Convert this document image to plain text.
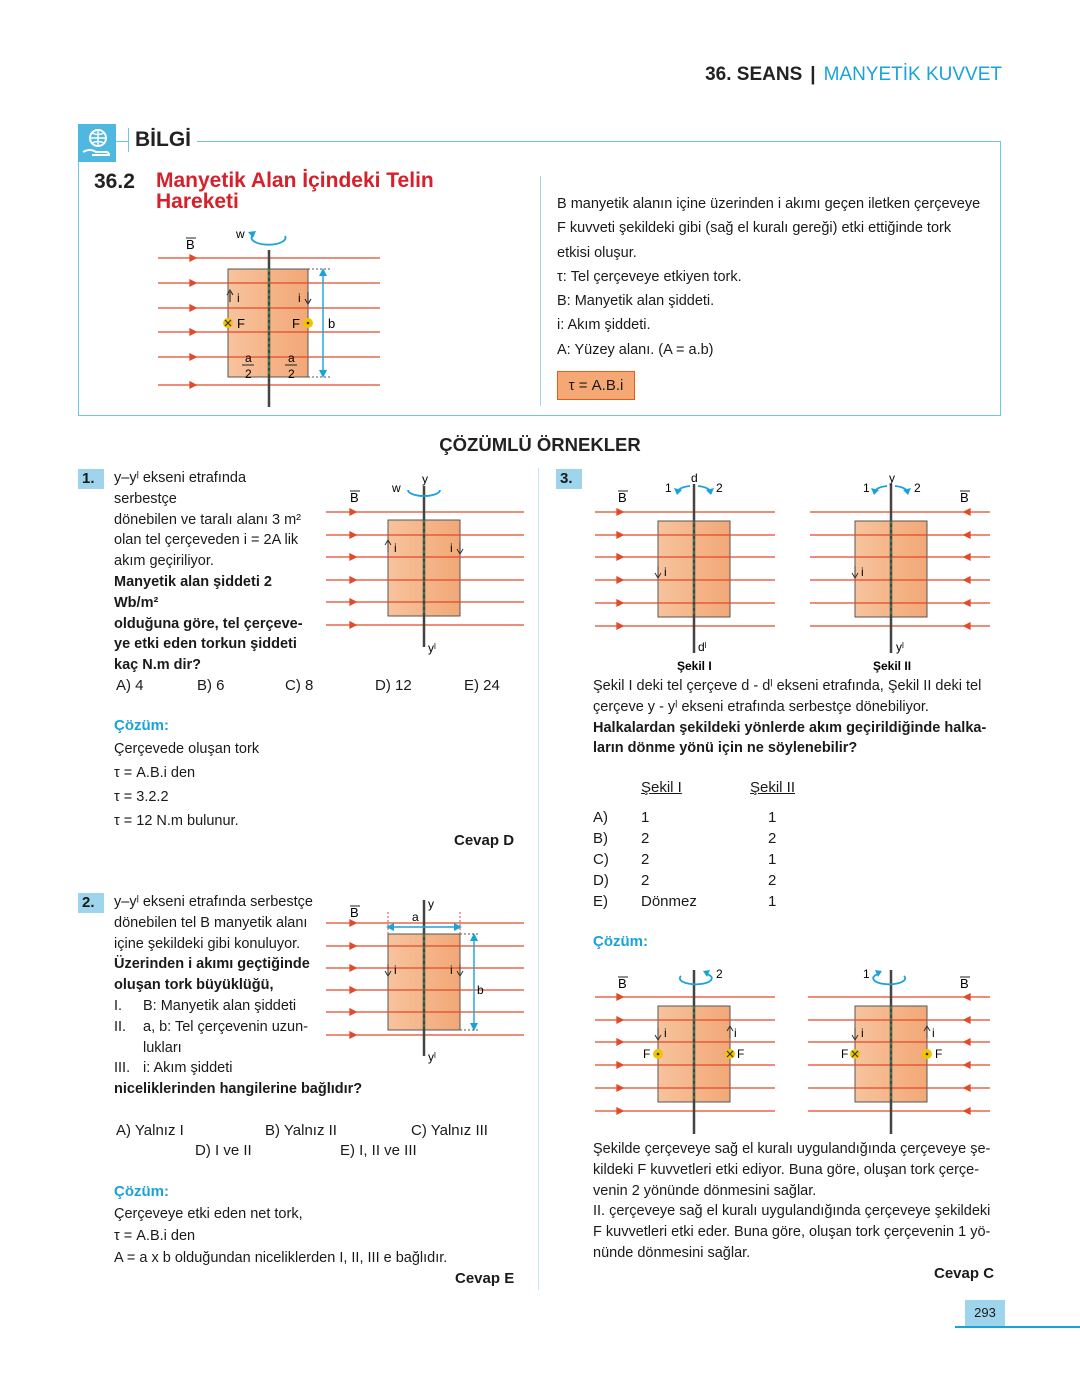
36. SEANS | MANYETİK KUVVET
BİLGİ
36.2 Manyetik Alan İçindeki Telin Hareketi
w
B
i	i
F	F b
a
2
a
2
B manyetik alanın içine üzerinden i akımı geçen iletken çerçeveye
F kuvveti şekildeki gibi (sağ el kuralı gereği) etki ettiğinde tork
etkisi oluşur.
τ: Tel çerçeveye etkiyen tork.
B: Manyetik alan şiddeti.
i: Akım şiddeti.
A: Yüzey alanı. (A = a.b)
τ = A.B.i
ÇÖZÜMLÜ ÖRNEKLER
1.	y–yˡ ekseni etrafında serbestçe
dönebilen ve taralı alanı 3 m²
olan tel çerçeveden i = 2A lik
akım geçiriliyor.
Manyetik alan şiddeti 2 Wb/m²
olduğuna göre, tel çerçeve-
ye etki eden torkun şiddeti
kaç N.m dir?
w
y
yˡ
B
i	i
A) 4	B) 6	C) 8	D) 12	E) 24
Çözüm:
Çerçevede oluşan tork
τ = A.B.i den
τ = 3.2.2
τ = 12 N.m bulunur.
Cevap D
2.	y–yˡ ekseni etrafında serbestçe
dönebilen tel B manyetik alanı
içine şekildeki gibi konuluyor.
Üzerinden i akımı geçtiğinde
oluşan tork büyüklüğü,
I. B: Manyetik alan şiddeti
II. a, b: Tel çerçevenin uzun-
lukları
III. i: Akım şiddeti
niceliklerinden hangilerine bağlıdır?
a
y
yˡ
B
b
i	i
A) Yalnız I	B) Yalnız II	C) Yalnız III
D) I ve II	E) I, II ve III
Çözüm:
Çerçeveye etki eden net tork,
τ = A.B.i den
A = a x b olduğundan niceliklerden I, II, III e bağlıdır.
Cevap E
3.	d
dˡ
1	2
B
i
Şekil I
y
yˡ
1	2
B
i
Şekil II
Şekil I deki tel çerçeve d - dˡ ekseni etrafında, Şekil II deki tel
çerçeve y - yˡ ekseni etrafında serbestçe dönebiliyor.
Halkalardan şekildeki yönlerde akım geçirildiğinde halka-
ların dönme yönü için ne söylenebilir?
	Şekil I	Şekil II
A)	1	1
B)	2	2
C)	2	1
D)	2	2
E)	Dönmez	1
Çözüm:
2
B
i	i
F	F
1
B
i	i
F	F
Şekilde çerçeveye sağ el kuralı uygulandığında çerçeveye şe-
kildeki F kuvvetleri etki ediyor. Buna göre, oluşan tork çerçe-
venin 2 yönünde dönmesini sağlar.
II. çerçeveye sağ el kuralı uygulandığında çerçeveye şekildeki
F kuvvetleri etki eder. Buna göre, oluşan tork çerçevenin 1 yö-
nünde dönmesini sağlar.
Cevap C
293
